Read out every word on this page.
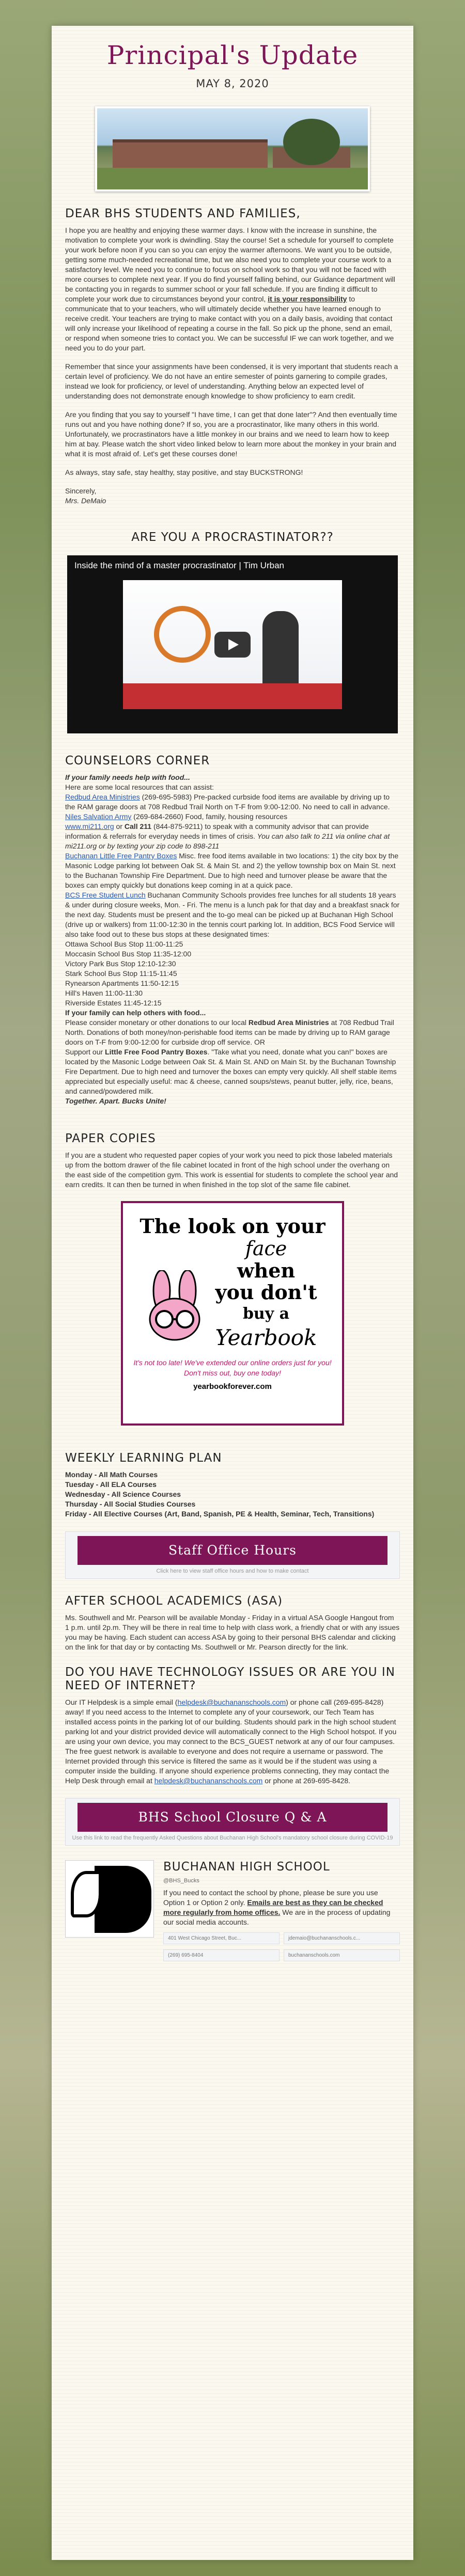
Principal's Update
MAY 8, 2020
DEAR BHS STUDENTS AND FAMILIES,

I hope you are healthy and enjoying these warmer days. I know with the increase in sunshine, the motivation to complete your work is dwindling. Stay the course! Set a schedule for yourself to complete your work before noon if you can so you can enjoy the warmer afternoons. We want you to be outside, getting some much-needed recreational time, but we also need you to complete your course work to a satisfactory level. We need you to continue to focus on school work so that you will not be faced with more courses to complete next year. If you do find yourself falling behind, our Guidance department will be contacting you in regards to summer school or your fall schedule. If you are finding it difficult to complete your work due to circumstances beyond your control, it is your responsibility to communicate that to your teachers, who will ultimately decide whether you have learned enough to receive credit. Your teachers are trying to make contact with you on a daily basis, avoiding that contact will only increase your likelihood of repeating a course in the fall. So pick up the phone, send an email, or respond when someone tries to contact you. We can be successful IF we can work together, and we need you to do your part.

Remember that since your assignments have been condensed, it is very important that students reach a certain level of proficiency. We do not have an entire semester of points garnering to compile grades, instead we look for proficiency, or level of understanding. Anything below an expected level of understanding does not demonstrate enough knowledge to show proficiency to earn credit.

Are you finding that you say to yourself "I have time, I can get that done later"? And then eventually time runs out and you have nothing done? If so, you are a procrastinator, like many others in this world. Unfortunately, we procrastinators have a little monkey in our brains and we need to learn how to keep him at bay. Please watch the short video linked below to learn more about the monkey in your brain and what it is most afraid of. Let's get these courses done!

As always, stay safe, stay healthy, stay positive, and stay BUCKSTRONG!

Sincerely,
Mrs. DeMaio
ARE YOU A PROCRASTINATOR??
Inside the mind of a master procrastinator | Tim Urban
COUNSELORS CORNER
If your family needs help with food...
Here are some local resources that can assist:
Redbud Area Ministries (269-695-5983) Pre-packed curbside food items are available by driving up to the RAM garage doors at 708 Redbud Trail North on T-F from 9:00-12:00. No need to call in advance.
Niles Salvation Army (269-684-2660) Food, family, housing resources
www.mi211.org or Call 211 (844-875-9211) to speak with a community advisor that can provide information & referrals for everyday needs in times of crisis. You can also talk to 211 via online chat at mi211.org or by texting your zip code to 898-211
Buchanan Little Free Pantry Boxes Misc. free food items available in two locations: 1) the city box by the Masonic Lodge parking lot between Oak St. & Main St. and 2) the yellow township box on Main St. next to the Buchanan Township Fire Department. Due to high need and turnover please be aware that the boxes can empty quickly but donations keep coming in at a quick pace.
BCS Free Student Lunch Buchanan Community Schools provides free lunches for all students 18 years & under during closure weeks, Mon. - Fri. The menu is a lunch pak for that day and a breakfast snack for the next day. Students must be present and the to-go meal can be picked up at Buchanan High School (drive up or walkers) from 11:00-12:30 in the tennis court parking lot. In addition, BCS Food Service will also take food out to these bus stops at these designated times:
Ottawa School Bus Stop 11:00-11:25
Moccasin School Bus Stop 11:35-12:00
Victory Park Bus Stop 12:10-12:30
Stark School Bus Stop 11:15-11:45
Rynearson Apartments 11:50-12:15
Hill's Haven 11:00-11:30
Riverside Estates 11:45-12:15
If your family can help others with food...
Please consider monetary or other donations to our local Redbud Area Ministries at 708 Redbud Trail North. Donations of both money/non-perishable food items can be made by driving up to RAM garage doors on T-F from 9:00-12:00 for curbside drop off service. OR
Support our Little Free Food Pantry Boxes. "Take what you need, donate what you can!" boxes are located by the Masonic Lodge between Oak St. & Main St. AND on Main St. by the Buchanan Township Fire Department. Due to high need and turnover the boxes can empty very quickly. All shelf stable items appreciated but especially useful: mac & cheese, canned soups/stews, peanut butter, jelly, rice, beans, and canned/powdered milk.
Together. Apart. Bucks Unite!
PAPER COPIES

If you are a student who requested paper copies of your work you need to pick those labeled materials up from the bottom drawer of the file cabinet located in front of the high school under the overhang on the east side of the competition gym. This work is essential for students to complete the school year and earn credits. It can then be turned in when finished in the top slot of the same file cabinet.

The look on your
face
when
you don't
buy a
Yearbook
It's not too late! We've extended our online orders just for you! Don't miss out, buy one today!
yearbookforever.com
WEEKLY LEARNING PLAN
Monday - All Math Courses
Tuesday - All ELA Courses
Wednesday - All Science Courses
Thursday - All Social Studies Courses
Friday - All Elective Courses (Art, Band, Spanish, PE & Health, Seminar, Tech, Transitions)
Staff Office Hours
Click here to view staff office hours and how to make contact
AFTER SCHOOL ACADEMICS (ASA)

Ms. Southwell and Mr. Pearson will be available Monday - Friday in a virtual ASA Google Hangout from 1 p.m. until 2p.m. They will be there in real time to help with class work, a friendly chat or with any issues you may be having. Each student can access ASA by going to their personal BHS calendar and clicking on the link for that day or by contacting Ms. Southwell or Mr. Pearson directly for the link.

DO YOU HAVE TECHNOLOGY ISSUES OR ARE YOU IN NEED OF INTERNET?

Our IT Helpdesk is a simple email (helpdesk@buchananschools.com) or phone call (269-695-8428) away! If you need access to the Internet to complete any of your coursework, our Tech Team has installed access points in the parking lot of our building. Students should park in the high school student parking lot and your district provided device will automatically connect to the High School hotspot. If you are using your own device, you may connect to the BCS_GUEST network at any of our four campuses. The free guest network is available to everyone and does not require a username or password. The Internet provided through this service is filtered the same as it would be if the student was using a computer inside the building. If anyone should experience problems connecting, they may contact the Help Desk through email at helpdesk@buchananschools.com or phone at 269-695-8428.

BHS School Closure Q & A
Use this link to read the frequently Asked Questions about Buchanan High School's mandatory school closure during COVID-19
BUCHANAN HIGH SCHOOL
@BHS_Bucks
If you need to contact the school by phone, please be sure you use Option 1 or Option 2 only. Emails are best as they can be checked more regularly from home offices. We are in the process of updating our social media accounts.
401 West Chicago Street, Buc...	jdemaio@buchananschools.c...
(269) 695-8404	buchananschools.com
